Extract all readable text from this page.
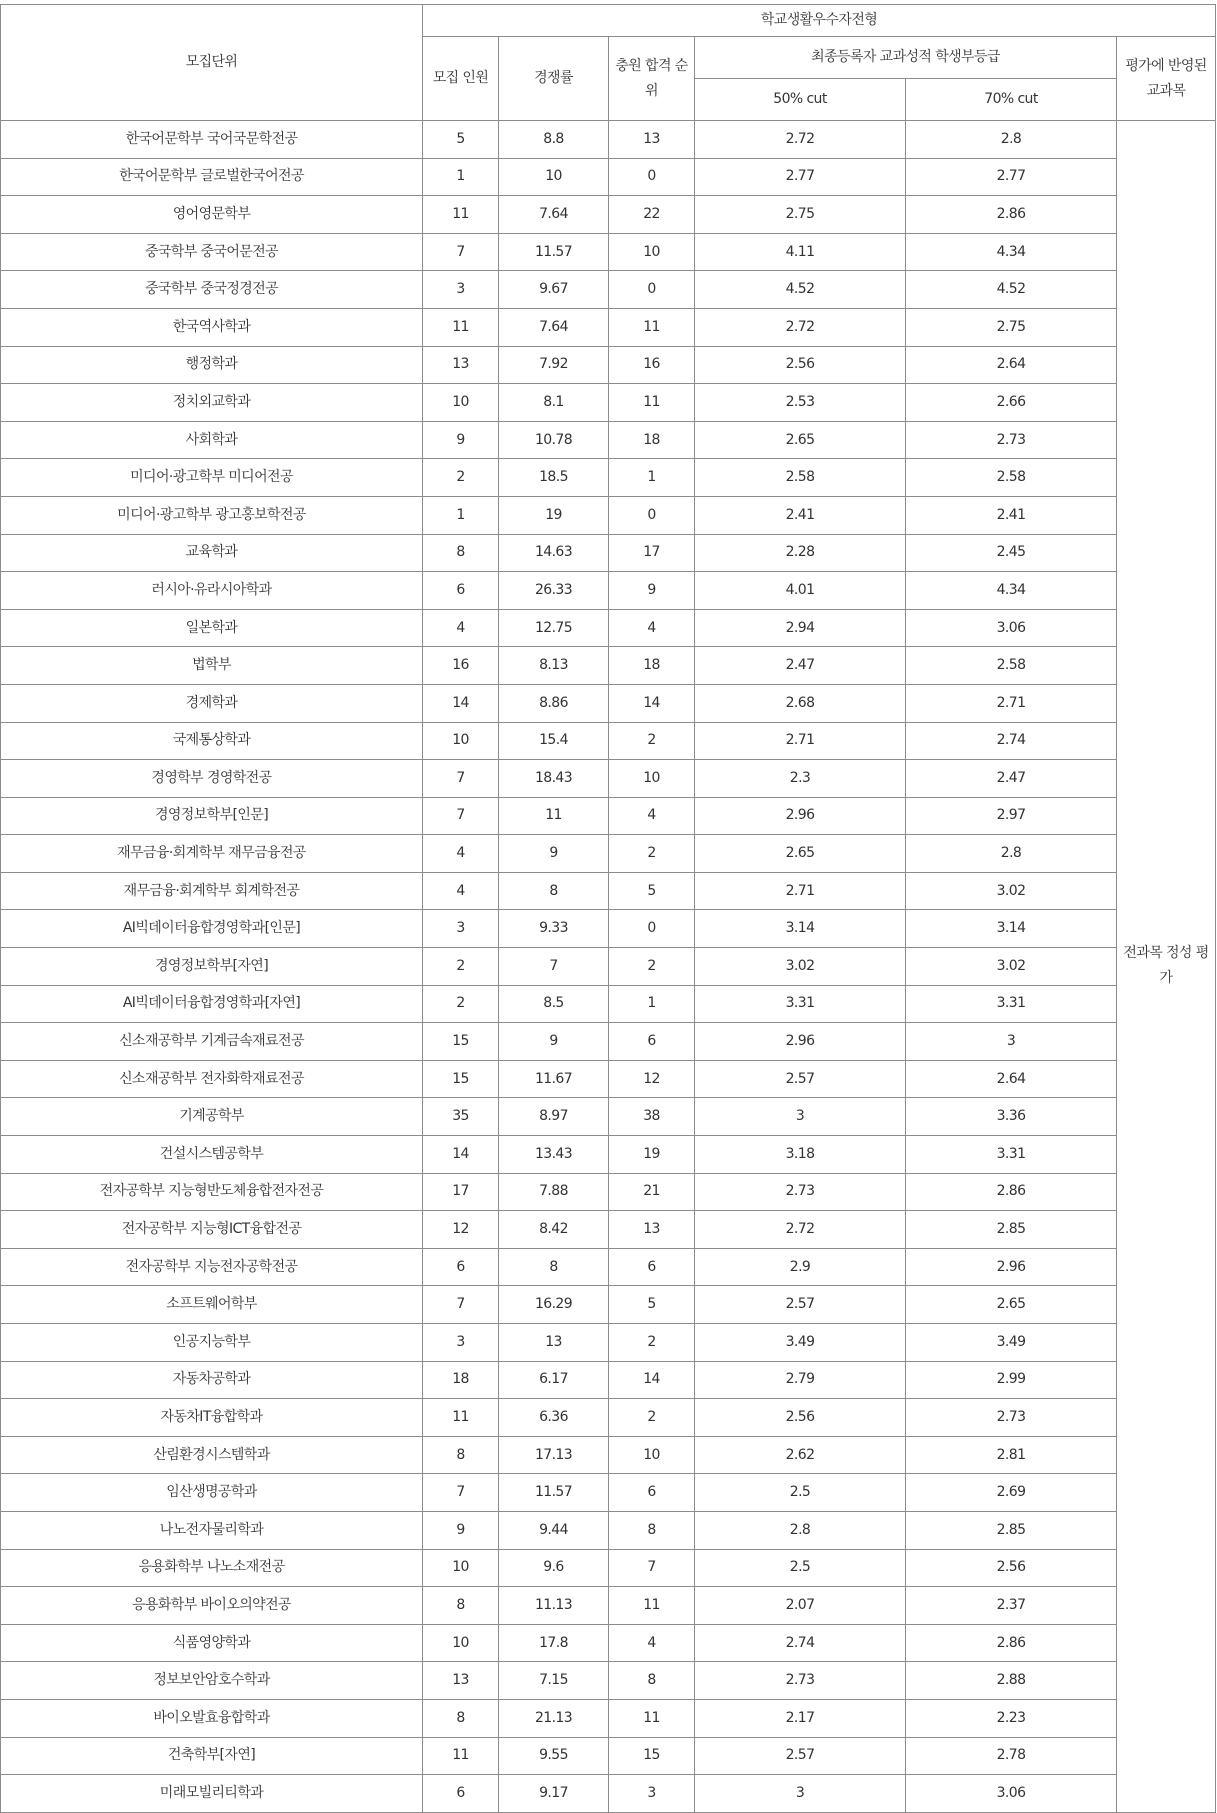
모집단위	학교생활우수자전형					
	모집 인원	경쟁률	충원 합격 순위	최종등록자 교과성적 학생부등급		평가에 반영된 교과목
				50% cut	70% cut	
한국어문학부 국어국문학전공	5	8.8	13	2.72	2.8	전과목 정성 평가
한국어문학부 글로벌한국어전공	1	10	0	2.77	2.77	
영어영문학부	11	7.64	22	2.75	2.86	
중국학부 중국어문전공	7	11.57	10	4.11	4.34	
중국학부 중국정경전공	3	9.67	0	4.52	4.52	
한국역사학과	11	7.64	11	2.72	2.75	
행정학과	13	7.92	16	2.56	2.64	
정치외교학과	10	8.1	11	2.53	2.66	
사회학과	9	10.78	18	2.65	2.73	
미디어·광고학부 미디어전공	2	18.5	1	2.58	2.58	
미디어·광고학부 광고홍보학전공	1	19	0	2.41	2.41	
교육학과	8	14.63	17	2.28	2.45	
러시아·유라시아학과	6	26.33	9	4.01	4.34	
일본학과	4	12.75	4	2.94	3.06	
법학부	16	8.13	18	2.47	2.58	
경제학과	14	8.86	14	2.68	2.71	
국제통상학과	10	15.4	2	2.71	2.74	
경영학부 경영학전공	7	18.43	10	2.3	2.47	
경영정보학부[인문]	7	11	4	2.96	2.97	
재무금융·회계학부 재무금융전공	4	9	2	2.65	2.8	
재무금융·회계학부 회계학전공	4	8	5	2.71	3.02	
AI빅데이터융합경영학과[인문]	3	9.33	0	3.14	3.14	
경영정보학부[자연]	2	7	2	3.02	3.02	
AI빅데이터융합경영학과[자연]	2	8.5	1	3.31	3.31	
신소재공학부 기계금속재료전공	15	9	6	2.96	3	
신소재공학부 전자화학재료전공	15	11.67	12	2.57	2.64	
기계공학부	35	8.97	38	3	3.36	
건설시스템공학부	14	13.43	19	3.18	3.31	
전자공학부 지능형반도체융합전자전공	17	7.88	21	2.73	2.86	
전자공학부 지능형ICT융합전공	12	8.42	13	2.72	2.85	
전자공학부 지능전자공학전공	6	8	6	2.9	2.96	
소프트웨어학부	7	16.29	5	2.57	2.65	
인공지능학부	3	13	2	3.49	3.49	
자동차공학과	18	6.17	14	2.79	2.99	
자동차IT융합학과	11	6.36	2	2.56	2.73	
산림환경시스템학과	8	17.13	10	2.62	2.81	
임산생명공학과	7	11.57	6	2.5	2.69	
나노전자물리학과	9	9.44	8	2.8	2.85	
응용화학부 나노소재전공	10	9.6	7	2.5	2.56	
응용화학부 바이오의약전공	8	11.13	11	2.07	2.37	
식품영양학과	10	17.8	4	2.74	2.86	
정보보안암호수학과	13	7.15	8	2.73	2.88	
바이오발효융합학과	8	21.13	11	2.17	2.23	
건축학부[자연]	11	9.55	15	2.57	2.78	
미래모빌리티학과	6	9.17	3	3	3.06	
